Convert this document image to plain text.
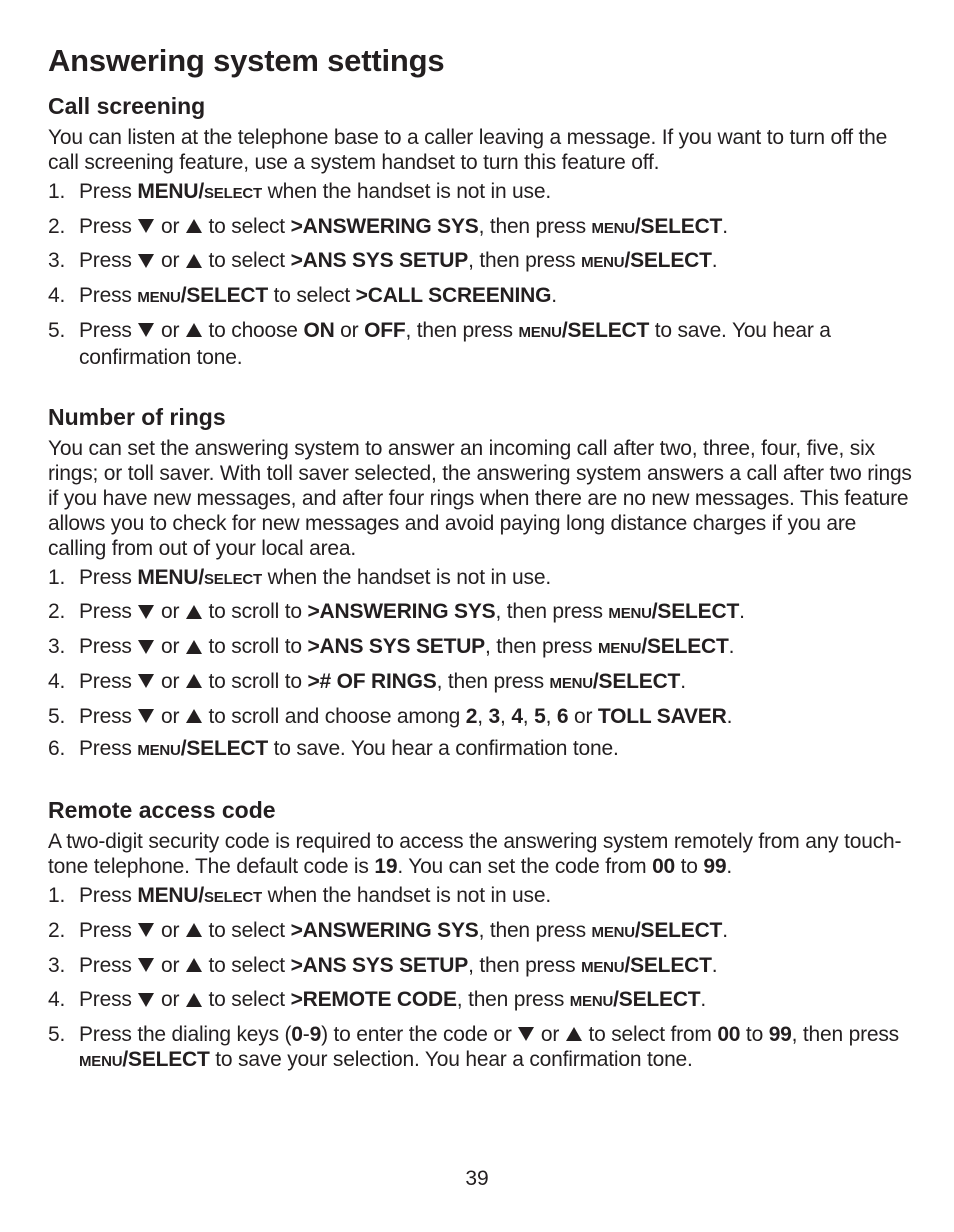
Answering system settings
Call screening

You can listen at the telephone base to a caller leaving a message. If you want to turn off the call screening feature, use a system handset to turn this feature off.

1. Press MENU/SELECT when the handset is not in use.
2. Press  or  to select >ANSWERING SYS, then press MENU/SELECT.
3. Press  or  to select >ANS SYS SETUP, then press MENU/SELECT.
4. Press MENU/SELECT to select >CALL SCREENING.
5. Press  or  to choose ON or OFF, then press MENU/SELECT to save. You hear a confirmation tone.
Number of rings

You can set the answering system to answer an incoming call after two, three, four, five, six rings; or toll saver. With toll saver selected, the answering system answers a call after two rings if you have new messages, and after four rings when there are no new messages. This feature allows you to check for new messages and avoid paying long distance charges if you are calling from out of your local area.

1. Press MENU/SELECT when the handset is not in use.
2. Press  or  to scroll to >ANSWERING SYS, then press MENU/SELECT.
3. Press  or  to scroll to >ANS SYS SETUP, then press MENU/SELECT.
4. Press  or  to scroll to ># OF RINGS, then press MENU/SELECT.
5. Press  or  to scroll and choose among 2, 3, 4, 5, 6 or TOLL SAVER.
6. Press MENU/SELECT to save. You hear a confirmation tone.
Remote access code

A two-digit security code is required to access the answering system remotely from any touch-tone telephone. The default code is 19. You can set the code from 00 to 99.

1. Press MENU/SELECT when the handset is not in use.
2. Press  or  to select >ANSWERING SYS, then press MENU/SELECT.
3. Press  or  to select >ANS SYS SETUP, then press MENU/SELECT.
4. Press  or  to select >REMOTE CODE, then press MENU/SELECT.
5. Press the dialing keys (0-9) to enter the code or  or  to select from 00 to 99, then press MENU/SELECT to save your selection. You hear a confirmation tone.
39
